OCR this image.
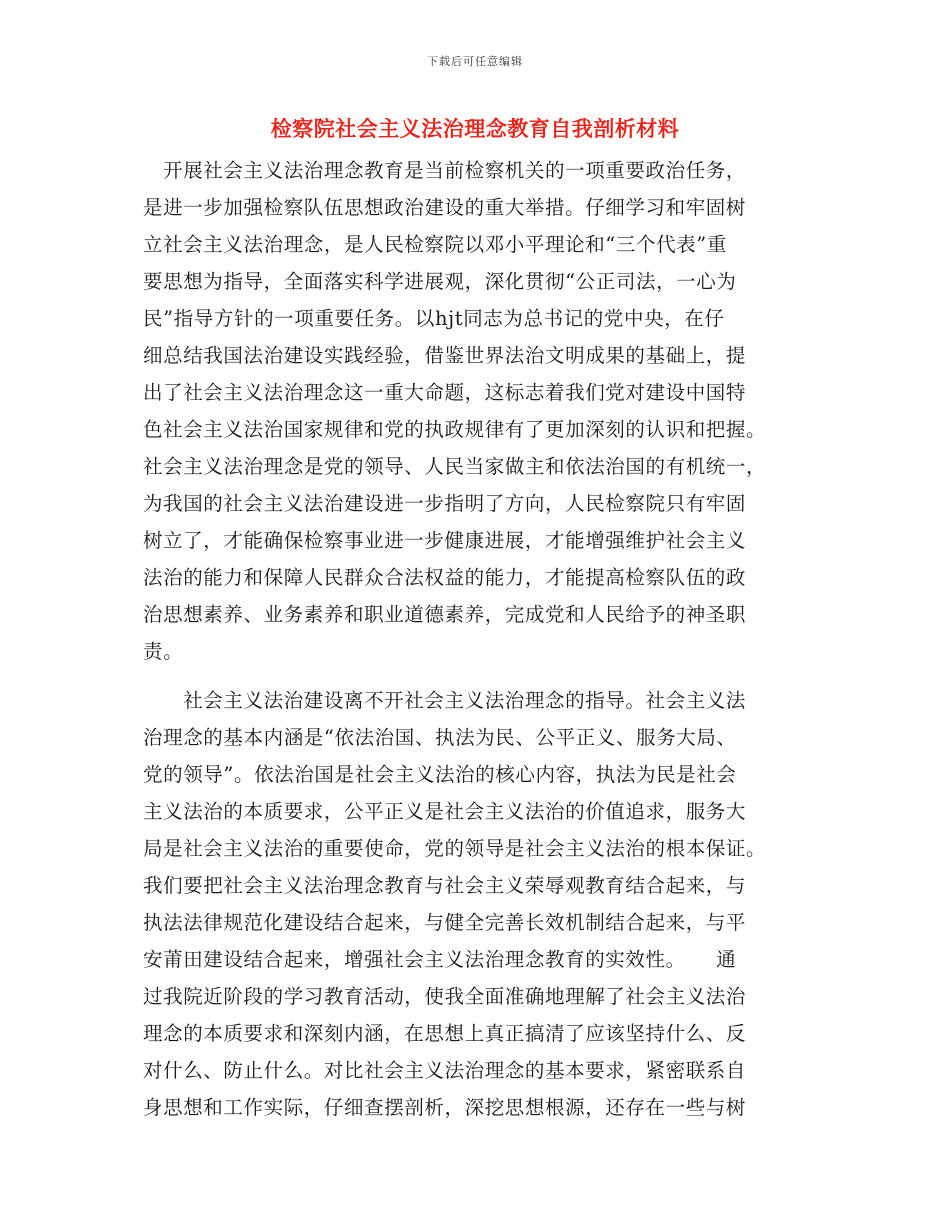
下载后可任意编辑
检察院社会主义法治理念教育自我剖析材料
　开展社会主义法治理念教育是当前检察机关的一项重要政治任务，
是进一步加强检察队伍思想政治建设的重大举措。仔细学习和牢固树
立社会主义法治理念，是人民检察院以邓小平理论和“三个代表”重
要思想为指导，全面落实科学进展观，深化贯彻“公正司法，一心为
民”指导方针的一项重要任务。以hjt同志为总书记的党中央，在仔
细总结我国法治建设实践经验，借鉴世界法治文明成果的基础上，提
出了社会主义法治理念这一重大命题，这标志着我们党对建设中国特
色社会主义法治国家规律和党的执政规律有了更加深刻的认识和把握。
社会主义法治理念是党的领导、人民当家做主和依法治国的有机统一，
为我国的社会主义法治建设进一步指明了方向，人民检察院只有牢固
树立了，才能确保检察事业进一步健康进展，才能增强维护社会主义
法治的能力和保障人民群众合法权益的能力，才能提高检察队伍的政
治思想素养、业务素养和职业道德素养，完成党和人民给予的神圣职
责。
　　社会主义法治建设离不开社会主义法治理念的指导。社会主义法
治理念的基本内涵是“依法治国、执法为民、公平正义、服务大局、
党的领导”。依法治国是社会主义法治的核心内容，执法为民是社会
主义法治的本质要求，公平正义是社会主义法治的价值追求，服务大
局是社会主义法治的重要使命，党的领导是社会主义法治的根本保证。
我们要把社会主义法治理念教育与社会主义荣辱观教育结合起来，与
执法法律规范化建设结合起来，与健全完善长效机制结合起来，与平
安莆田建设结合起来，增强社会主义法治理念教育的实效性。　　通
过我院近阶段的学习教育活动，使我全面准确地理解了社会主义法治
理念的本质要求和深刻内涵，在思想上真正搞清了应该坚持什么、反
对什么、防止什么。对比社会主义法治理念的基本要求，紧密联系自
身思想和工作实际，仔细查摆剖析，深挖思想根源，还存在一些与树
